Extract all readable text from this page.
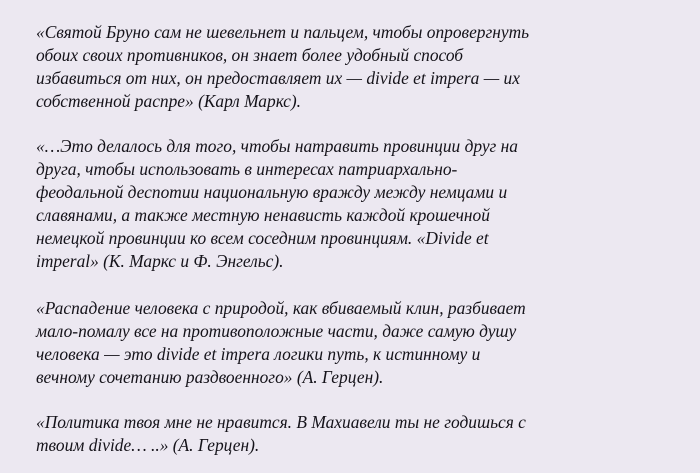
«Святой Бруно сам не шевельнет и пальцем, чтобы опровергнуть
обоих своих противников, он знает более удобный способ
избавиться от них, он предоставляет их — divide et impera — их
собственной распре» (Карл Маркс).

«…Это делалось для того, чтобы натравить провинции друг на
друга, чтобы использовать в интересах патриархально-
феодальной деспотии национальную вражду между немцами и
славянами, а также местную ненависть каждой крошечной
немецкой провинции ко всем соседним провинциям. «Divide et
imperal» (К. Маркс и Ф. Энгельс).

«Распадение человека с природой, как вбиваемый клин, разбивает
мало-помалу все на противоположные части, даже самую душу
человека — это divide et impera логики путь, к истинному и
вечному сочетанию раздвоенного» (А. Герцен).

«Политика твоя мне не нравится. В Махиавели ты не годишься с
твоим divide… ..» (А. Герцен).
